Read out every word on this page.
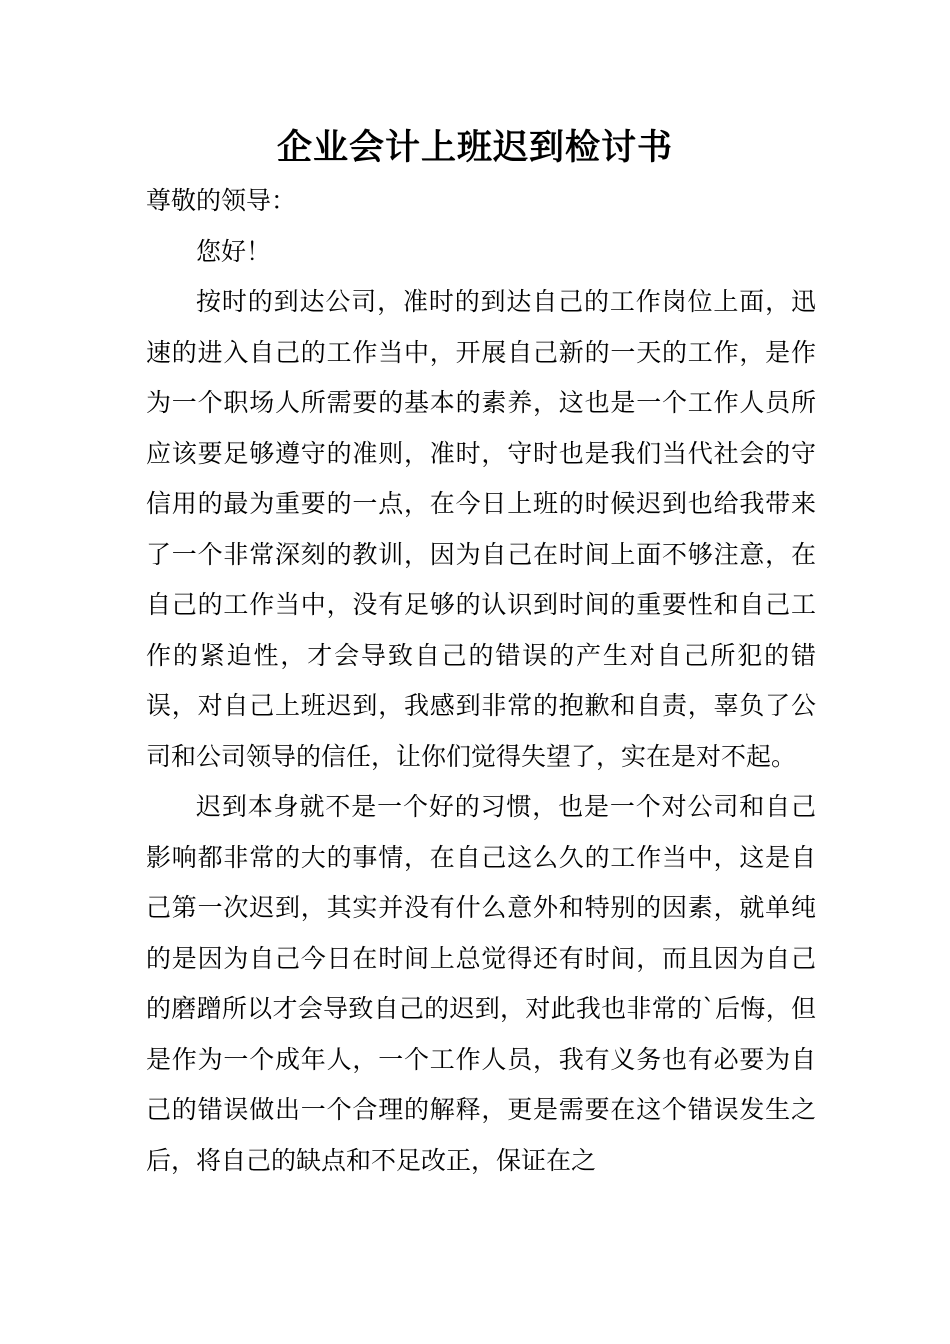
企业会计上班迟到检讨书

尊敬的领导：

您好！

按时的到达公司，准时的到达自己的工作岗位上面，迅速的进入自己的工作当中，开展自己新的一天的工作，是作为一个职场人所需要的基本的素养，这也是一个工作人员所应该要足够遵守的准则，准时，守时也是我们当代社会的守信用的最为重要的一点，在今日上班的时候迟到也给我带来了一个非常深刻的教训，因为自己在时间上面不够注意，在自己的工作当中，没有足够的认识到时间的重要性和自己工作的紧迫性，才会导致自己的错误的产生对自己所犯的错误，对自己上班迟到，我感到非常的抱歉和自责，辜负了公司和公司领导的信任，让你们觉得失望了，实在是对不起。

迟到本身就不是一个好的习惯，也是一个对公司和自己影响都非常的大的事情，在自己这么久的工作当中，这是自己第一次迟到，其实并没有什么意外和特别的因素，就单纯的是因为自己今日在时间上总觉得还有时间，而且因为自己的磨蹭所以才会导致自己的迟到，对此我也非常的`后悔，但是作为一个成年人，一个工作人员，我有义务也有必要为自己的错误做出一个合理的解释，更是需要在这个错误发生之后，将自己的缺点和不足改正，保证在之
